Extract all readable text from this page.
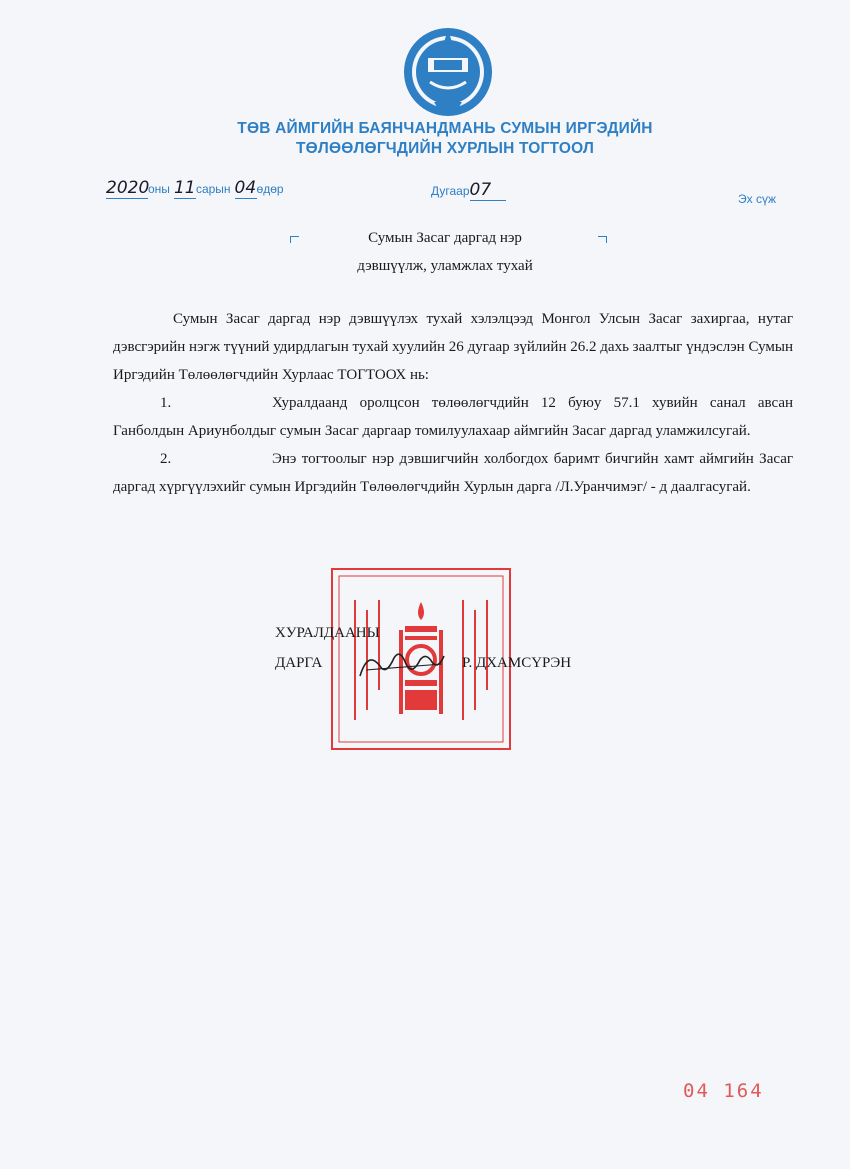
ТӨВ АЙМГИЙН БАЯНЧАНДМАНЬ СУМЫН ИРГЭДИЙН
ТӨЛӨӨЛӨГЧДИЙН ХУРЛЫН ТОГТООЛ
2020оны 11сарын 04өдөр	Дугаар07	Эх сүж
Сумын Засаг даргад нэр
дэвшүүлж, уламжлах тухай

Сумын Засаг даргад нэр дэвшүүлэх тухай хэлэлцээд Монгол Улсын Засаг захиргаа, нутаг дэвсгэрийн нэгж түүний удирдлагын тухай хуулийн 26 дугаар зүйлийн 26.2 дахь заалтыг үндэслэн Сумын Иргэдийн Төлөөлөгчдийн Хурлаас ТОГТООХ нь:

1.	Хуралдаанд оролцсон төлөөлөгчдийн 12 буюу 57.1 хувийн санал авсан Ганболдын Ариунболдыг сумын Засаг даргаар томилуулахаар аймгийн Засаг даргад уламжилсугай.

2.	Энэ тогтоолыг нэр дэвшигчийн холбогдох баримт бичгийн хамт аймгийн Засаг даргад хүргүүлэхийг сумын Иргэдийн Төлөөлөгчдийн Хурлын дарга /Л.Уранчимэг/ - д даалгасугай.

ХУРАЛДААНЫ
ДАРГА	Р. ДХАМСҮРЭН
04 164
